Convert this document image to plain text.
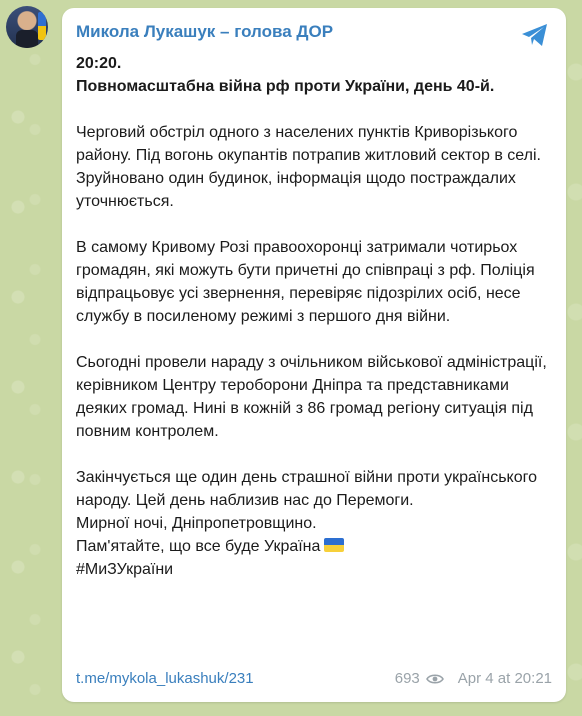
Микола Лукашук – голова ДОР

20:20.

Повномасштабна війна рф проти України, день 40-й.

Черговий обстріл одного з населених пунктів Криворізького району. Під вогонь окупантів потрапив житловий сектор в селі. Зруйновано один будинок, інформація щодо постраждалих уточнюється.

В самому Кривому Розі правоохоронці затримали чотирьох громадян, які можуть бути причетні до співпраці з рф. Поліція відпрацьовує усі звернення, перевіряє підозрілих осіб, несе службу в посиленому режимі з першого дня війни.

Сьогодні провели нараду з очільником військової адміністрації, керівником Центру тероборони Дніпра та представниками деяких громад. Нині в кожній з 86 громад регіону ситуація під повним контролем.

Закінчується ще один день страшної війни проти українського народу. Цей день наблизив нас до Перемоги.

Мирної ночі, Дніпропетровщино.

Пам'ятайте, що все буде Україна

#МиЗУкраїни

t.me/mykola_lukashuk/231	693	Apr 4 at 20:21
